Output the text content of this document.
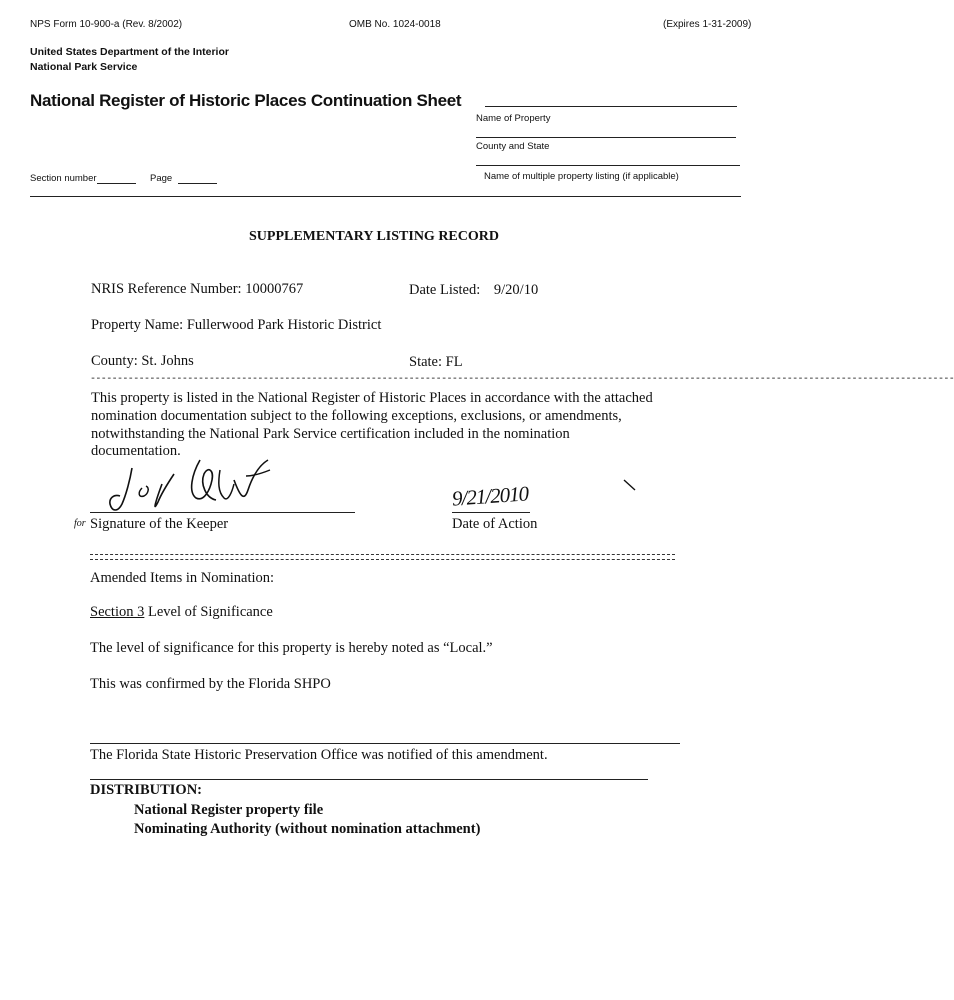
NPS Form 10-900-a (Rev. 8/2002)	OMB No. 1024-0018	(Expires 1-31-2009)
United States Department of the Interior
National Park Service
National Register of Historic Places Continuation Sheet
Name of Property
County and State
Section number	Page	Name of multiple property listing (if applicable)
SUPPLEMENTARY LISTING RECORD
NRIS Reference Number: 10000767	Date Listed: 9/20/10
Property Name: Fullerwood Park Historic District
County: St. Johns	State: FL
----------------------------------------------------------------------------------------------------------------------------------------------------------------
This property is listed in the National Register of Historic Places in accordance with the attached
nomination documentation subject to the following exceptions, exclusions, or amendments,
notwithstanding the National Park Service certification included in the nomination
documentation.
for Signature of the Keeper
9/21/2010
Date of Action
Amended Items in Nomination:
Section 3 Level of Significance
The level of significance for this property is hereby noted as “Local.”
This was confirmed by the Florida SHPO
The Florida State Historic Preservation Office was notified of this amendment.
DISTRIBUTION:
National Register property file
Nominating Authority (without nomination attachment)
